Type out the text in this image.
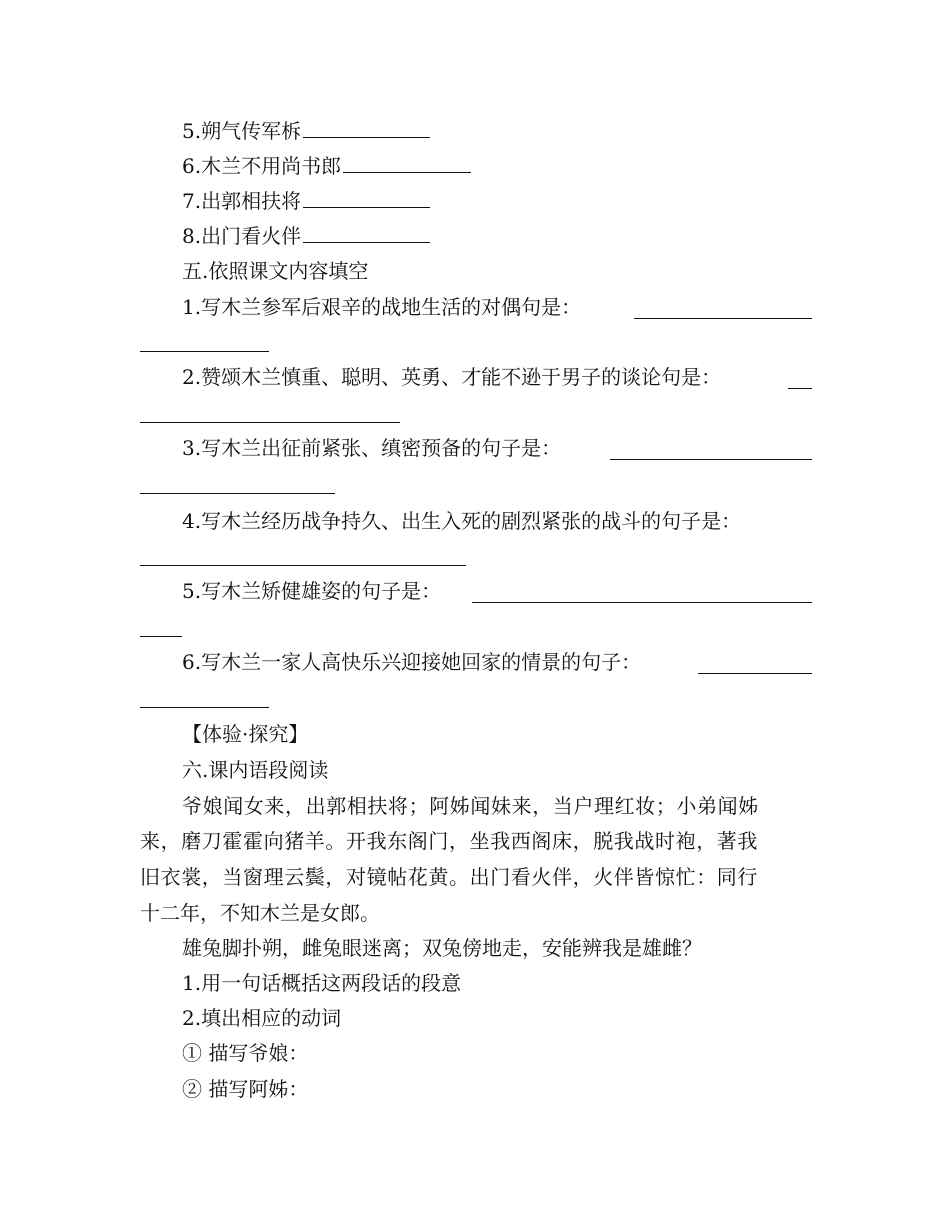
5.朔气传军柝
6.木兰不用尚书郎
7.出郭相扶将
8.出门看火伴
五.依照课文内容填空
1.写木兰参军后艰辛的战地生活的对偶句是：
2.赞颂木兰慎重、聪明、英勇、才能不逊于男子的谈论句是：
3.写木兰出征前紧张、缜密预备的句子是：
4.写木兰经历战争持久、出生入死的剧烈紧张的战斗的句子是：
5.写木兰矫健雄姿的句子是：
6.写木兰一家人高快乐兴迎接她回家的情景的句子：
【体验·探究】
六.课内语段阅读
爷娘闻女来，出郭相扶将；阿姊闻妹来，当户理红妆；小弟闻姊
来，磨刀霍霍向猪羊。开我东阁门，坐我西阁床，脱我战时袍，著我
旧衣裳，当窗理云鬓，对镜帖花黄。出门看火伴，火伴皆惊忙：同行
十二年，不知木兰是女郎。
雄兔脚扑朔，雌兔眼迷离；双兔傍地走，安能辨我是雄雌？
1.用一句话概括这两段话的段意
2.填出相应的动词
① 描写爷娘：
② 描写阿姊：
